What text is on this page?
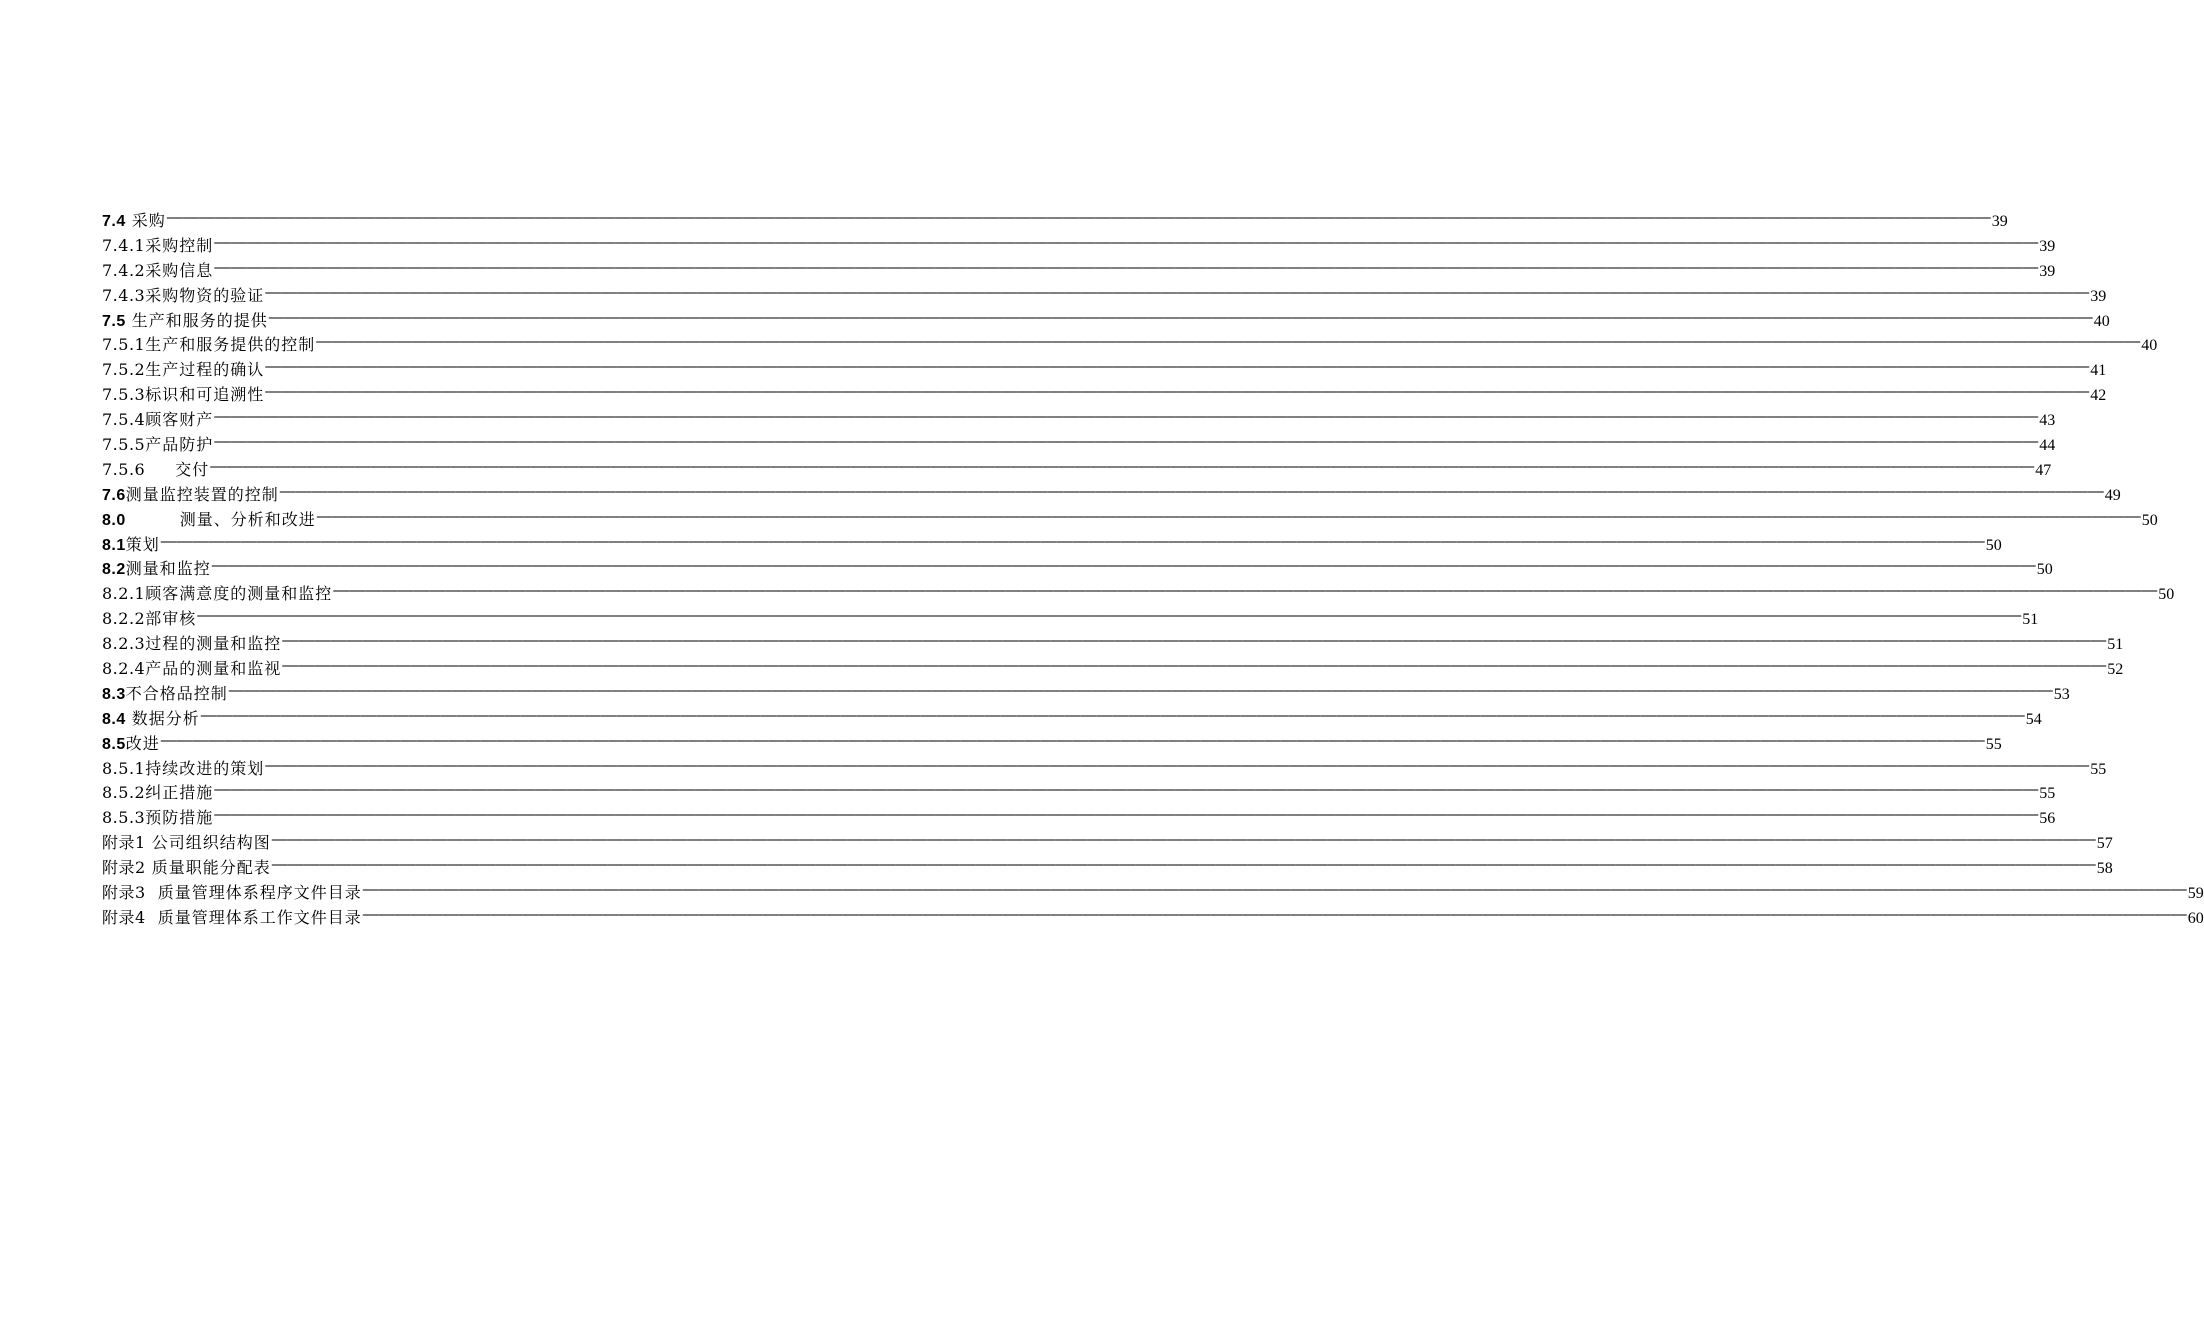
7.4 采购 ―――――――――――――――――――――――――――――――――――――――――――――――――――――――――――――――――――――――――――――――――――――――――――――――――――――――――――――――――― 39
7.4.1 采购控制 ―――――――――――――――――――――――――――――――――――――――――――――――――――――――――――――――――――――――――――――――――――――――――――――――――――――――――――――――――― 39
7.4.2 采购信息 ―――――――――――――――――――――――――――――――――――――――――――――――――――――――――――――――――――――――――――――――――――――――――――――――――――――――――――――――――― 39
7.4.3 采购物资的验证 ―――――――――――――――――――――――――――――――――――――――――――――――――――――――――――――――――――――――――――――――――――――――――――――――――――――――――――――――――― 39
7.5 生产和服务的提供 ―――――――――――――――――――――――――――――――――――――――――――――――――――――――――――――――――――――――――――――――――――――――――――――――――――――――――――――――――― 40
7.5.1 生产和服务提供的控制 ―――――――――――――――――――――――――――――――――――――――――――――――――――――――――――――――――――――――――――――――――――――――――――――――――――――――――――――――――― 40
7.5.2 生产过程的确认 ―――――――――――――――――――――――――――――――――――――――――――――――――――――――――――――――――――――――――――――――――――――――――――――――――――――――――――――――――― 41
7.5.3 标识和可追溯性 ―――――――――――――――――――――――――――――――――――――――――――――――――――――――――――――――――――――――――――――――――――――――――――――――――――――――――――――――――― 42
7.5.4 顾客财产 ―――――――――――――――――――――――――――――――――――――――――――――――――――――――――――――――――――――――――――――――――――――――――――――――――――――――――――――――――― 43
7.5.5 产品防护 ―――――――――――――――――――――――――――――――――――――――――――――――――――――――――――――――――――――――――――――――――――――――――――――――――――――――――――――――――― 44
7.5.6	交付 ―――――――――――――――――――――――――――――――――――――――――――――――――――――――――――――――――――――――――――――――――――――――――――――――――――――――――――――――――― 47
7.6 测量监控装置的控制 ―――――――――――――――――――――――――――――――――――――――――――――――――――――――――――――――――――――――――――――――――――――――――――――――――――――――――――――――――― 49
8.0	测量、分析和改进 ―――――――――――――――――――――――――――――――――――――――――――――――――――――――――――――――――――――――――――――――――――――――――――――――――――――――――――――――――― 50
8.1 策划 ―――――――――――――――――――――――――――――――――――――――――――――――――――――――――――――――――――――――――――――――――――――――――――――――――――――――――――――――――― 50
8.2 测量和监控 ―――――――――――――――――――――――――――――――――――――――――――――――――――――――――――――――――――――――――――――――――――――――――――――――――――――――――――――――――― 50
8.2.1 顾客满意度的测量和监控 ―――――――――――――――――――――――――――――――――――――――――――――――――――――――――――――――――――――――――――――――――――――――――――――――――――――――――――――――――― 50
8.2.2 部审核 ―――――――――――――――――――――――――――――――――――――――――――――――――――――――――――――――――――――――――――――――――――――――――――――――――――――――――――――――――― 51
8.2.3 过程的测量和监控 ―――――――――――――――――――――――――――――――――――――――――――――――――――――――――――――――――――――――――――――――――――――――――――――――――――――――――――――――――― 51
8.2.4 产品的测量和监视 ―――――――――――――――――――――――――――――――――――――――――――――――――――――――――――――――――――――――――――――――――――――――――――――――――――――――――――――――――― 52
8.3 不合格品控制 ―――――――――――――――――――――――――――――――――――――――――――――――――――――――――――――――――――――――――――――――――――――――――――――――――――――――――――――――――― 53
8.4 数据分析 ―――――――――――――――――――――――――――――――――――――――――――――――――――――――――――――――――――――――――――――――――――――――――――――――――――――――――――――――――― 54
8.5 改进 ―――――――――――――――――――――――――――――――――――――――――――――――――――――――――――――――――――――――――――――――――――――――――――――――――――――――――――――――――― 55
8.5.1 持续改进的策划 ―――――――――――――――――――――――――――――――――――――――――――――――――――――――――――――――――――――――――――――――――――――――――――――――――――――――――――――――――― 55
8.5.2 纠正措施 ―――――――――――――――――――――――――――――――――――――――――――――――――――――――――――――――――――――――――――――――――――――――――――――――――――――――――――――――――― 55
8.5.3 预防措施 ―――――――――――――――――――――――――――――――――――――――――――――――――――――――――――――――――――――――――――――――――――――――――――――――――――――――――――――――――― 56
附录1 公司组织结构图 ―――――――――――――――――――――――――――――――――――――――――――――――――――――――――――――――――――――――――――――――――――――――――――――――――――――――――――――――――― 57
附录2 质量职能分配表 ―――――――――――――――――――――――――――――――――――――――――――――――――――――――――――――――――――――――――――――――――――――――――――――――――――――――――――――――――― 58
附录3 质量管理体系程序文件目录 ―――――――――――――――――――――――――――――――――――――――――――――――――――――――――――――――――――――――――――――――――――――――――――――――――――――――――――――――――― 59
附录4 质量管理体系工作文件目录 ―――――――――――――――――――――――――――――――――――――――――――――――――――――――――――――――――――――――――――――――――――――――――――――――――――――――――――――――――― 60
